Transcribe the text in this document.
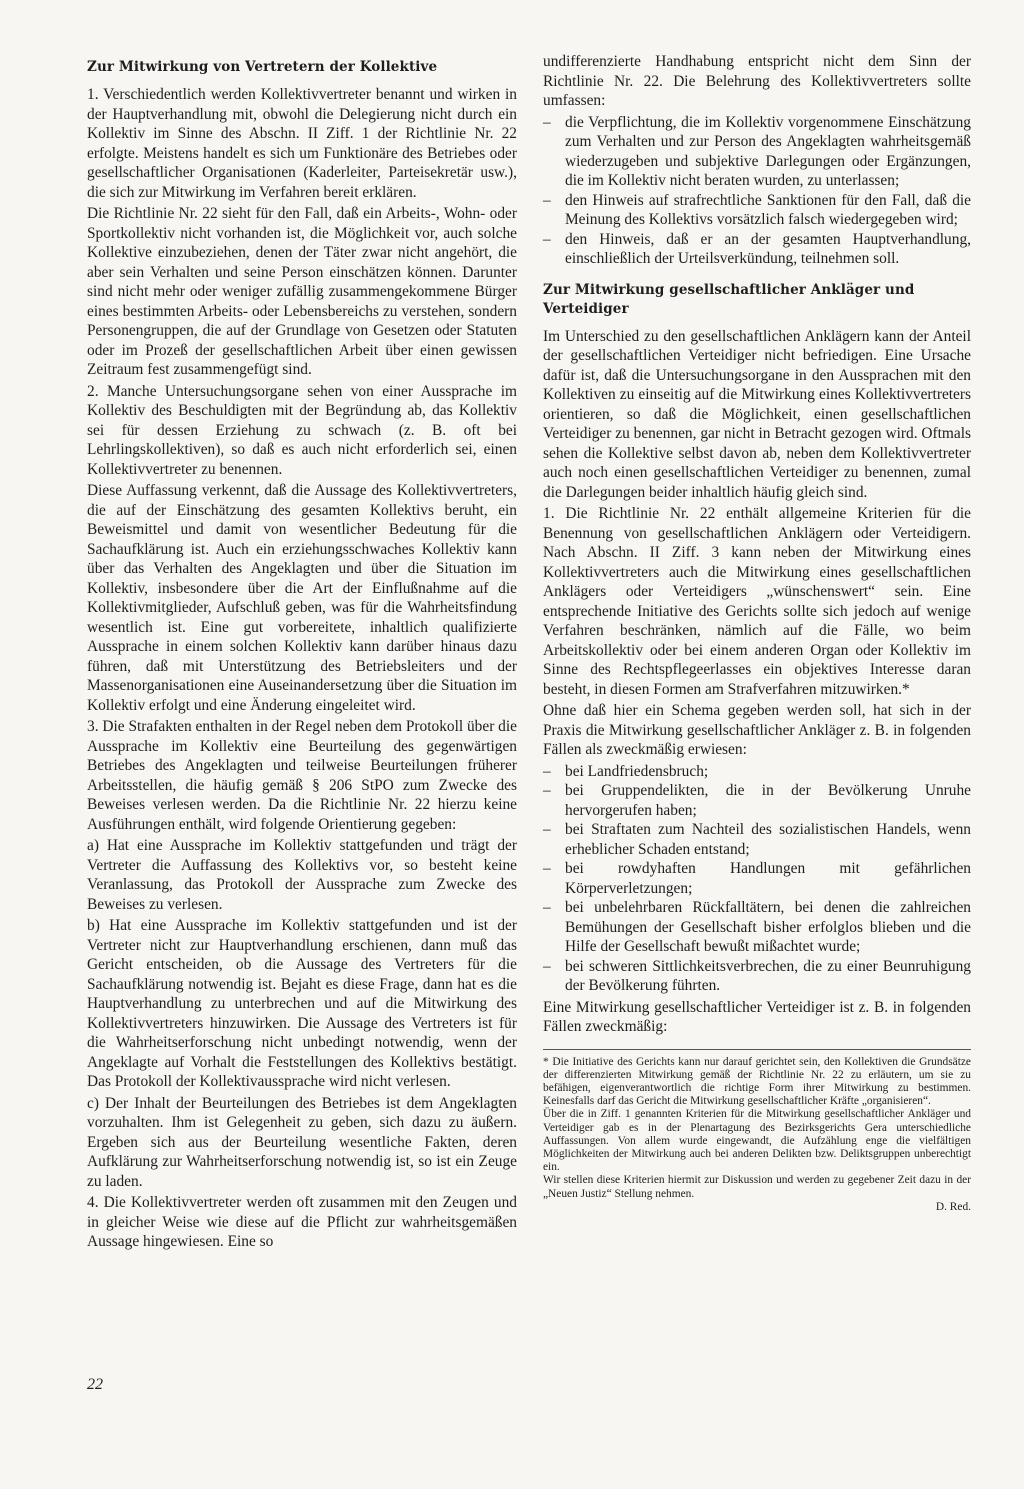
Zur Mitwirkung von Vertretern der Kollektive

1. Verschiedentlich werden Kollektivvertreter benannt und wirken in der Hauptverhandlung mit, obwohl die Delegierung nicht durch ein Kollektiv im Sinne des Abschn. II Ziff. 1 der Richtlinie Nr. 22 erfolgte. Meistens handelt es sich um Funktionäre des Betriebes oder gesellschaftlicher Organisationen (Kaderleiter, Parteisekretär usw.), die sich zur Mitwirkung im Verfahren bereit erklären.

Die Richtlinie Nr. 22 sieht für den Fall, daß ein Arbeits-, Wohn- oder Sportkollektiv nicht vorhanden ist, die Möglichkeit vor, auch solche Kollektive einzubeziehen, denen der Täter zwar nicht angehört, die aber sein Verhalten und seine Person einschätzen können. Darunter sind nicht mehr oder weniger zufällig zusammengekommene Bürger eines bestimmten Arbeits- oder Lebensbereichs zu verstehen, sondern Personengruppen, die auf der Grundlage von Gesetzen oder Statuten oder im Prozeß der gesellschaftlichen Arbeit über einen gewissen Zeitraum fest zusammengefügt sind.

2. Manche Untersuchungsorgane sehen von einer Aussprache im Kollektiv des Beschuldigten mit der Begründung ab, das Kollektiv sei für dessen Erziehung zu schwach (z. B. oft bei Lehrlingskollektiven), so daß es auch nicht erforderlich sei, einen Kollektivvertreter zu benennen.

Diese Auffassung verkennt, daß die Aussage des Kollektivvertreters, die auf der Einschätzung des gesamten Kollektivs beruht, ein Beweismittel und damit von wesentlicher Bedeutung für die Sachaufklärung ist. Auch ein erziehungsschwaches Kollektiv kann über das Verhalten des Angeklagten und über die Situation im Kollektiv, insbesondere über die Art der Einflußnahme auf die Kollektivmitglieder, Aufschluß geben, was für die Wahrheitsfindung wesentlich ist. Eine gut vorbereitete, inhaltlich qualifizierte Aussprache in einem solchen Kollektiv kann darüber hinaus dazu führen, daß mit Unterstützung des Betriebsleiters und der Massenorganisationen eine Auseinandersetzung über die Situation im Kollektiv erfolgt und eine Änderung eingeleitet wird.

3. Die Strafakten enthalten in der Regel neben dem Protokoll über die Aussprache im Kollektiv eine Beurteilung des gegenwärtigen Betriebes des Angeklagten und teilweise Beurteilungen früherer Arbeitsstellen, die häufig gemäß § 206 StPO zum Zwecke des Beweises verlesen werden. Da die Richtlinie Nr. 22 hierzu keine Ausführungen enthält, wird folgende Orientierung gegeben:

a) Hat eine Aussprache im Kollektiv stattgefunden und trägt der Vertreter die Auffassung des Kollektivs vor, so besteht keine Veranlassung, das Protokoll der Aussprache zum Zwecke des Beweises zu verlesen.

b) Hat eine Aussprache im Kollektiv stattgefunden und ist der Vertreter nicht zur Hauptverhandlung erschienen, dann muß das Gericht entscheiden, ob die Aussage des Vertreters für die Sachaufklärung notwendig ist. Bejaht es diese Frage, dann hat es die Hauptverhandlung zu unterbrechen und auf die Mitwirkung des Kollektivvertreters hinzuwirken. Die Aussage des Vertreters ist für die Wahrheitserforschung nicht unbedingt notwendig, wenn der Angeklagte auf Vorhalt die Feststellungen des Kollektivs bestätigt. Das Protokoll der Kollektivaussprache wird nicht verlesen.

c) Der Inhalt der Beurteilungen des Betriebes ist dem Angeklagten vorzuhalten. Ihm ist Gelegenheit zu geben, sich dazu zu äußern. Ergeben sich aus der Beurteilung wesentliche Fakten, deren Aufklärung zur Wahrheitserforschung notwendig ist, so ist ein Zeuge zu laden.

4. Die Kollektivvertreter werden oft zusammen mit den Zeugen und in gleicher Weise wie diese auf die Pflicht zur wahrheitsgemäßen Aussage hingewiesen. Eine so

undifferenzierte Handhabung entspricht nicht dem Sinn der Richtlinie Nr. 22. Die Belehrung des Kollektivvertreters sollte umfassen:

– die Verpflichtung, die im Kollektiv vorgenommene Einschätzung zum Verhalten und zur Person des Angeklagten wahrheitsgemäß wiederzugeben und subjektive Darlegungen oder Ergänzungen, die im Kollektiv nicht beraten wurden, zu unterlassen;
– den Hinweis auf strafrechtliche Sanktionen für den Fall, daß die Meinung des Kollektivs vorsätzlich falsch wiedergegeben wird;
– den Hinweis, daß er an der gesamten Hauptverhandlung, einschließlich der Urteilsverkündung, teilnehmen soll.
Zur Mitwirkung gesellschaftlicher Ankläger und Verteidiger

Im Unterschied zu den gesellschaftlichen Anklägern kann der Anteil der gesellschaftlichen Verteidiger nicht befriedigen. Eine Ursache dafür ist, daß die Untersuchungsorgane in den Aussprachen mit den Kollektiven zu einseitig auf die Mitwirkung eines Kollektivvertreters orientieren, so daß die Möglichkeit, einen gesellschaftlichen Verteidiger zu benennen, gar nicht in Betracht gezogen wird. Oftmals sehen die Kollektive selbst davon ab, neben dem Kollektivvertreter auch noch einen gesellschaftlichen Verteidiger zu benennen, zumal die Darlegungen beider inhaltlich häufig gleich sind.

1. Die Richtlinie Nr. 22 enthält allgemeine Kriterien für die Benennung von gesellschaftlichen Anklägern oder Verteidigern. Nach Abschn. II Ziff. 3 kann neben der Mitwirkung eines Kollektivvertreters auch die Mitwirkung eines gesellschaftlichen Anklägers oder Verteidigers „wünschenswert“ sein. Eine entsprechende Initiative des Gerichts sollte sich jedoch auf wenige Verfahren beschränken, nämlich auf die Fälle, wo beim Arbeitskollektiv oder bei einem anderen Organ oder Kollektiv im Sinne des Rechtspflegeerlasses ein objektives Interesse daran besteht, in diesen Formen am Strafverfahren mitzuwirken.*

Ohne daß hier ein Schema gegeben werden soll, hat sich in der Praxis die Mitwirkung gesellschaftlicher Ankläger z. B. in folgenden Fällen als zweckmäßig erwiesen:

– bei Landfriedensbruch;
– bei Gruppendelikten, die in der Bevölkerung Unruhe hervorgerufen haben;
– bei Straftaten zum Nachteil des sozialistischen Handels, wenn erheblicher Schaden entstand;
– bei rowdyhaften Handlungen mit gefährlichen Körperverletzungen;
– bei unbelehrbaren Rückfalltätern, bei denen die zahlreichen Bemühungen der Gesellschaft bisher erfolglos blieben und die Hilfe der Gesellschaft bewußt mißachtet wurde;
– bei schweren Sittlichkeitsverbrechen, die zu einer Beunruhigung der Bevölkerung führten.

Eine Mitwirkung gesellschaftlicher Verteidiger ist z. B. in folgenden Fällen zweckmäßig:

* Die Initiative des Gerichts kann nur darauf gerichtet sein, den Kollektiven die Grundsätze der differenzierten Mitwirkung gemäß der Richtlinie Nr. 22 zu erläutern, um sie zu befähigen, eigenverantwortlich die richtige Form ihrer Mitwirkung zu bestimmen. Keinesfalls darf das Gericht die Mitwirkung gesellschaftlicher Kräfte „organisieren“.

Über die in Ziff. 1 genannten Kriterien für die Mitwirkung gesellschaftlicher Ankläger und Verteidiger gab es in der Plenartagung des Bezirksgerichts Gera unterschiedliche Auffassungen. Von allem wurde eingewandt, die Aufzählung enge die vielfältigen Möglichkeiten der Mitwirkung auch bei anderen Delikten bzw. Deliktsgruppen unberechtigt ein.

Wir stellen diese Kriterien hiermit zur Diskussion und werden zu gegebener Zeit dazu in der „Neuen Justiz“ Stellung nehmen.

D. Red.

22
